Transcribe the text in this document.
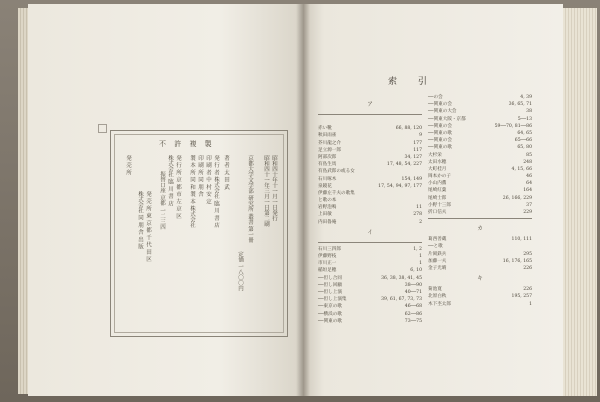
不 許 複 製
昭和四十年十一月一日発行
昭和四十一年三月一日第二刷
京都大学文学部 研究所 叢書 第一冊
定価 一八〇〇円
著 者 太 田 武
発 行 者 株式会社 臨 川 書 店
印 刷 者 中 村 安 定
印 刷 所 同 朋 舎
製 本 所 同 和 製 本 株式会社
発 行 所 京 都 市 左 京 区
株式会社 臨 川 書 店
振替口座 京都 一二三四
発 売 所 東 京 都 千 代 田 区
株式会社 同 朋 舎 出 版
発 売 所
索 引
ア
赤い靴	66, 88, 120
秋田雨雀	9
芥川龍之介	177
足立源一郎	117
阿部次郎	34, 127
有島生馬	17, 48, 54, 227
有島武郎の或る女
石川啄木	154, 149
泉鏡花	17, 54, 94, 97, 177
伊藤左千夫の歌集
と歌の本
岩野泡鳴	11
上田敏	278
内田魯庵	2
イ
石川三四郎	1, 2
伊藤野枝	1
市川正一	1
稲垣足穂	6, 10
──但し合同	36, 38, 38, 41, 45
──但し回顧	38──90
──但し上演	40──71
──但し上演集	39, 61, 67, 73, 73
──東京の歌	46──68
──横浜の歌	62──86
──関東の歌	73──75
──の会	4, 39
──関東の会	36, 65, 71
──関東の大会	38
──関東大阪・京都	5──13
──関東の会	59──70, 81──86
──関東の歌	64, 65
──関東の会	65──66
──関東の歌	65, 80
大杉栄	85
太田水穂	248
大町桂月	4, 15, 66
岡本かの子	46
小山内薫	64
尾崎紅葉	164
尾崎士郎	26, 166, 229
小野十三郎	37
折口信夫	229
カ
葛西善蔵	110, 111
──と歌
片岡鉄兵	295
加藤一夫	16, 176, 165
金子光晴	226
キ
菊池寛	226
北原白秋	195, 257
木下杢太郎	1
